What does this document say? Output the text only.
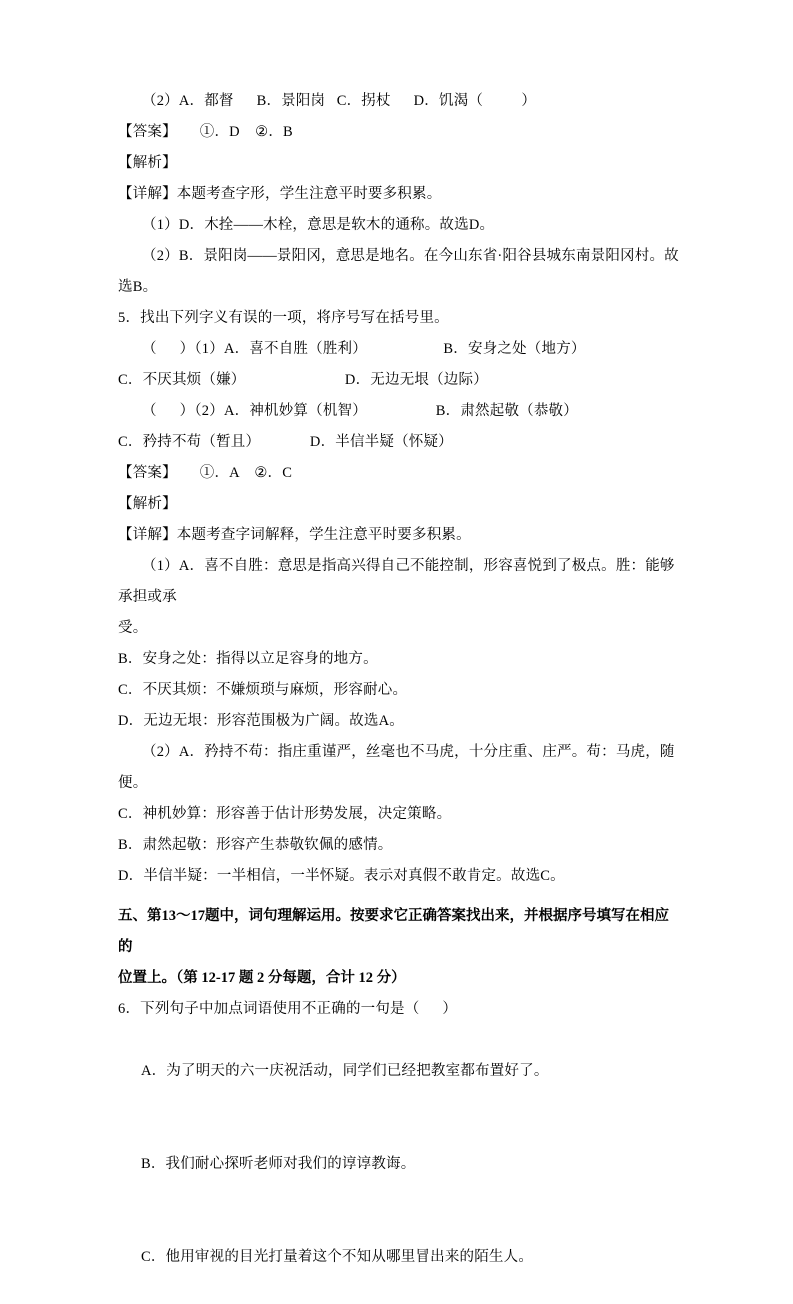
（2）A．都督      B．景阳岗   C．拐杖      D．饥渴（          ）
【答案】      ①．D    ②．B
【解析】
【详解】本题考查字形，学生注意平时要多积累。
（1）D．木拴——木栓，意思是软木的通称。故选D。
（2）B．景阳岗——景阳冈，意思是地名。在今山东省·阳谷县城东南景阳冈村。故选B。
5．找出下列字义有误的一项，将序号写在括号里。
（      ）（1）A．喜不自胜（胜利）                    B．安身之处（地方）
C．不厌其烦（嫌）                          D．无边无垠（边际）
（      ）（2）A．神机妙算（机智）                  B．肃然起敬（恭敬）
C．矜持不苟（暂且）             D．半信半疑（怀疑）
【答案】      ①．A    ②．C
【解析】
【详解】本题考查字词解释，学生注意平时要多积累。
（1）A．喜不自胜：意思是指高兴得自己不能控制，形容喜悦到了极点。胜：能够承担或承
受。
B．安身之处：指得以立足容身的地方。
C．不厌其烦：不嫌烦琐与麻烦，形容耐心。
D．无边无垠：形容范围极为广阔。故选A。
（2）A．矜持不苟：指庄重谨严，丝毫也不马虎，十分庄重、庄严。苟：马虎，随便。
C．神机妙算：形容善于估计形势发展，决定策略。
B．肃然起敬：形容产生恭敬钦佩的感情。
D．半信半疑：一半相信，一半怀疑。表示对真假不敢肯定。故选C。
五、第13～17题中，词句理解运用。按要求它正确答案找出来，并根据序号填写在相应的
位置上。（第 12-17 题 2 分每题，合计 12 分）
6．下列句子中加点词语使用不正确的一句是（      ）

A．为了明天的六一庆祝活动，同学们已经把教室都布置好了。 · ·

B．我们耐心探听老师对我们的谆谆教诲。

C．他用审视的目光打量着这个不知从哪里冒出来的陌生人。
